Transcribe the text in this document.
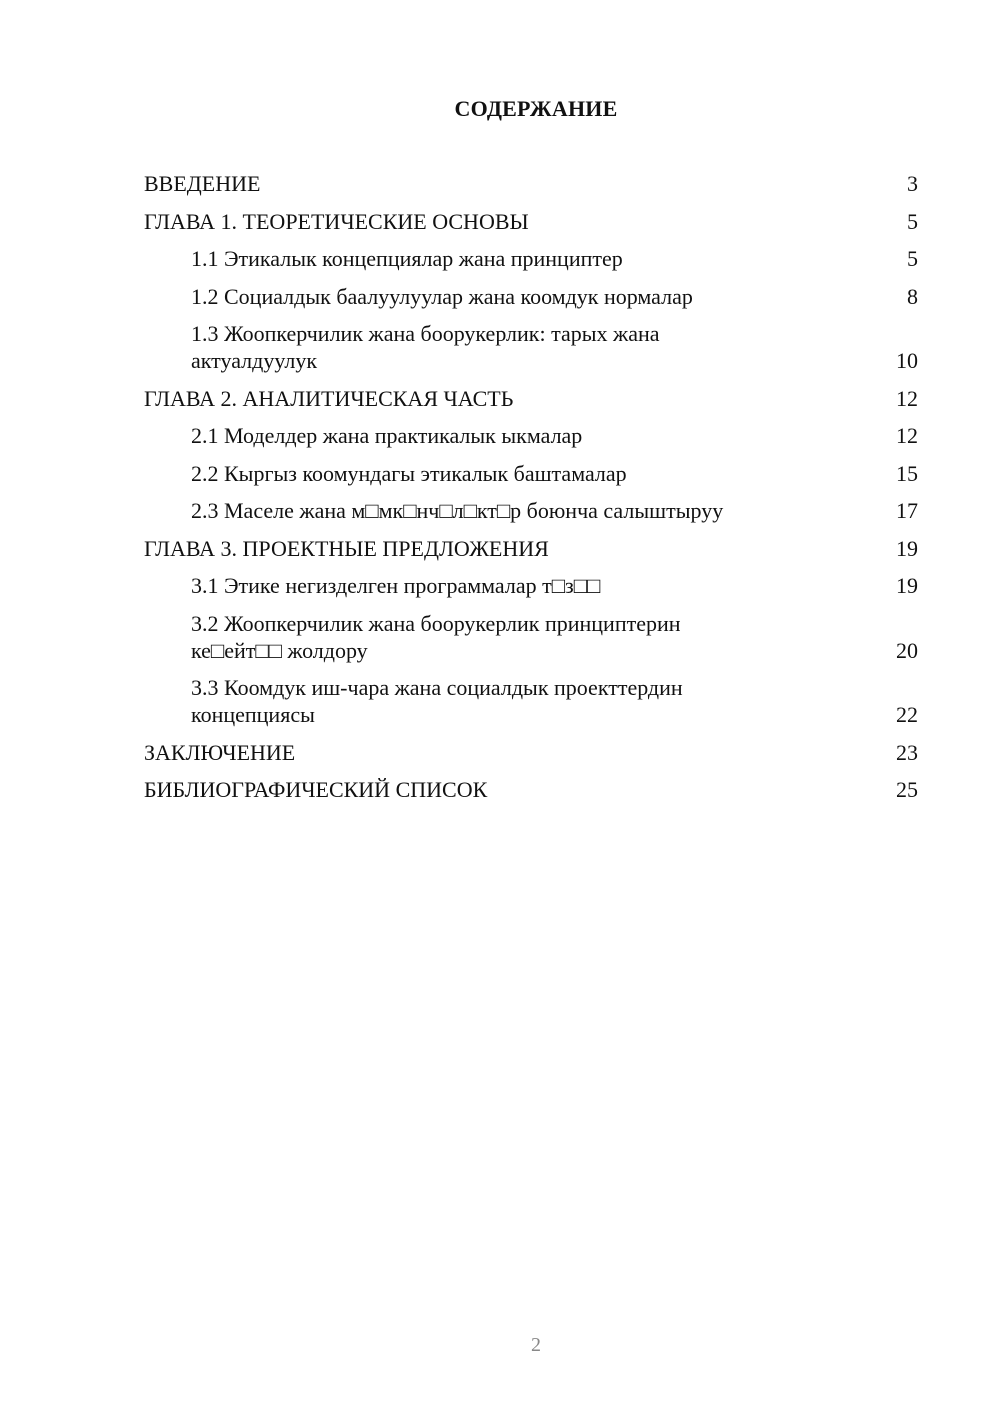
СОДЕРЖАНИЕ
ВВЕДЕНИЕ	3
ГЛАВА 1. ТЕОРЕТИЧЕСКИЕ ОСНОВЫ	5
1.1 Этикалык концепциялар жана принциптер	5
1.2 Социалдык баалуулуулар жана коомдук нормалар	8
1.3 Жоопкерчилик жана боорукерлик: тарых жана
актуалдуулук	10
ГЛАВА 2. АНАЛИТИЧЕСКАЯ ЧАСТЬ	12
2.1 Моделдер жана практикалык ыкмалар	12
2.2 Кыргыз коомундагы этикалык баштамалар	15
2.3 Маселе жана м□мк□нч□л□кт□р боюнча салыштыруу	17
ГЛАВА 3. ПРОЕКТНЫЕ ПРЕДЛОЖЕНИЯ	19
3.1 Этике негизделген программалар т□з□□	19
3.2 Жоопкерчилик жана боорукерлик принциптерин
ке□ейт□□ жолдору	20
3.3 Коомдук иш-чара жана социалдык проекттердин
концепциясы	22
ЗАКЛЮЧЕНИЕ	23
БИБЛИОГРАФИЧЕСКИЙ СПИСОК	25
2
